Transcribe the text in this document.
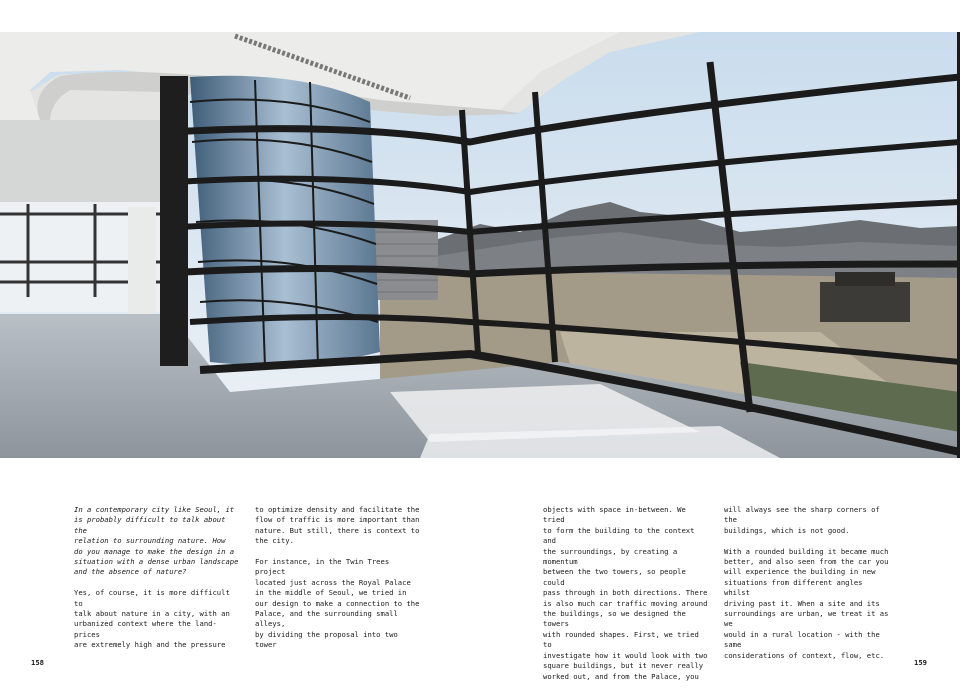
In a contemporary city like Seoul, it
is probably difficult to talk about the
relation to surrounding nature. How
do you manage to make the design in a
situation with a dense urban landscape
and the absence of nature?

Yes, of course, it is more difficult to
talk about nature in a city, with an
urbanized context where the land-prices
are extremely high and the pressure

to optimize density and facilitate the
flow of traffic is more important than
nature. But still, there is context to
the city.

For instance, in the Twin Trees project
located just across the Royal Palace
in the middle of Seoul, we tried in
our design to make a connection to the
Palace, and the surrounding small alleys,
by dividing the proposal into two tower

objects with space in-between. We tried
to form the building to the context and
the surroundings, by creating a momentum
between the two towers, so people could
pass through in both directions. There
is also much car traffic moving around
the buildings, so we designed the towers
with rounded shapes. First, we tried to
investigate how it would look with two
square buildings, but it never really
worked out, and from the Palace, you

will always see the sharp corners of the
buildings, which is not good.

With a rounded building it became much
better, and also seen from the car you
will experience the building in new
situations from different angles whilst
driving past it. When a site and its
surroundings are urban, we treat it as we
would in a rural location - with the same
considerations of context, flow, etc.

158	159
